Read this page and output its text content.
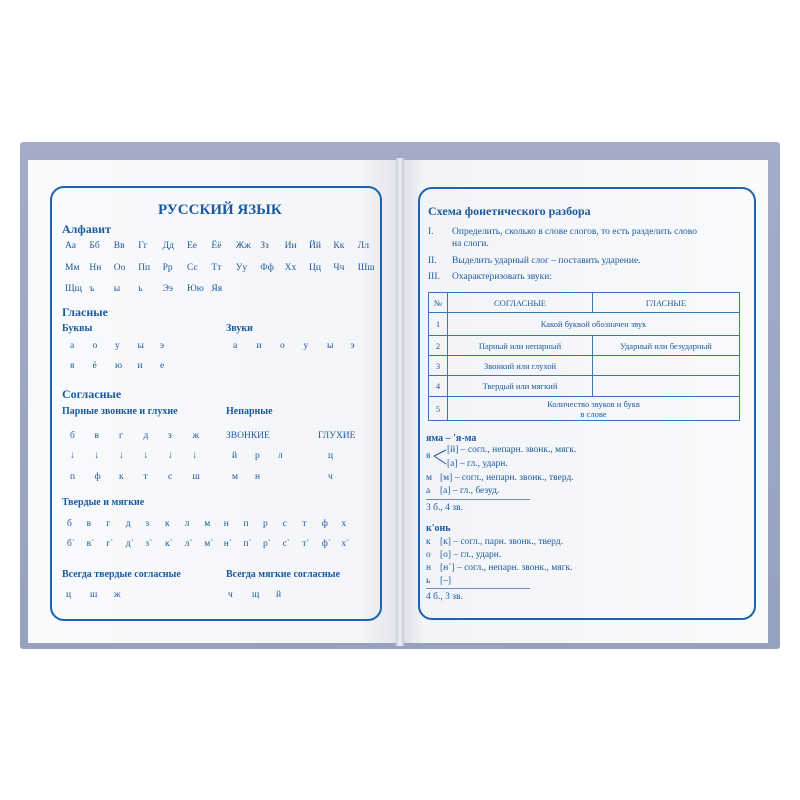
РУССКИЙ ЯЗЫК
Алфавит
Аа Бб Вв Гг Дд Ее Ёё Жж Зз Ии Йй Кк Лл
Мм Нн Оо Пп Рр Сс Тт Уу Фф Хх Цц Чч Шш
Щщ ъ ы ь Ээ Юю Яя
Гласные
Буквы	Звуки
а о у ы э
я ё ю и е
а и о у ы э
Согласные
Парные звонкие и глухие	Непарные
ЗВОНКИЕ	ГЛУХИЕ
б в г д з ж
↓ ↓ ↓ ↓ ↓ ↓
п ф к т с ш
й р л
м н
ц
ч
Твердые и мягкие
б в г д з к л м н п р с т ф х
б` в` г` д` з` к` л` м` н` п` р` с` т` ф` х`
Всегда твердые согласные	Всегда мягкие согласные
ц ш ж	ч щ й
Схема фонетического разбора
I. Определить, сколько в слове слогов, то есть разделить слово
на слоги.
II. Выделить ударный слог – поставить ударение.
III. Охарактеризовать звуки:
№	СОГЛАСНЫЕ	ГЛАСНЫЕ
1	Какой буквой обозначен звук	
2	Парный или непарный	Ударный или безударный
3	Звонкий или глухой	
4	Твердый или мягкий	
5	Количество звуков и букв
в слове	
яма – 'я-ма
я
[й] – согл., непарн. звонк., мягк.
[а] – гл., ударн.
м [м] – согл., непарн. звонк., тверд.
а [а] – гл., безуд.
3 б., 4 зв.
к'онь
к [к] – согл., парн. звонк., тверд.
о [о] – гл., ударн.
н [н`] – согл., непарн. звонк., мягк.
ь [–]
4 б., 3 зв.
